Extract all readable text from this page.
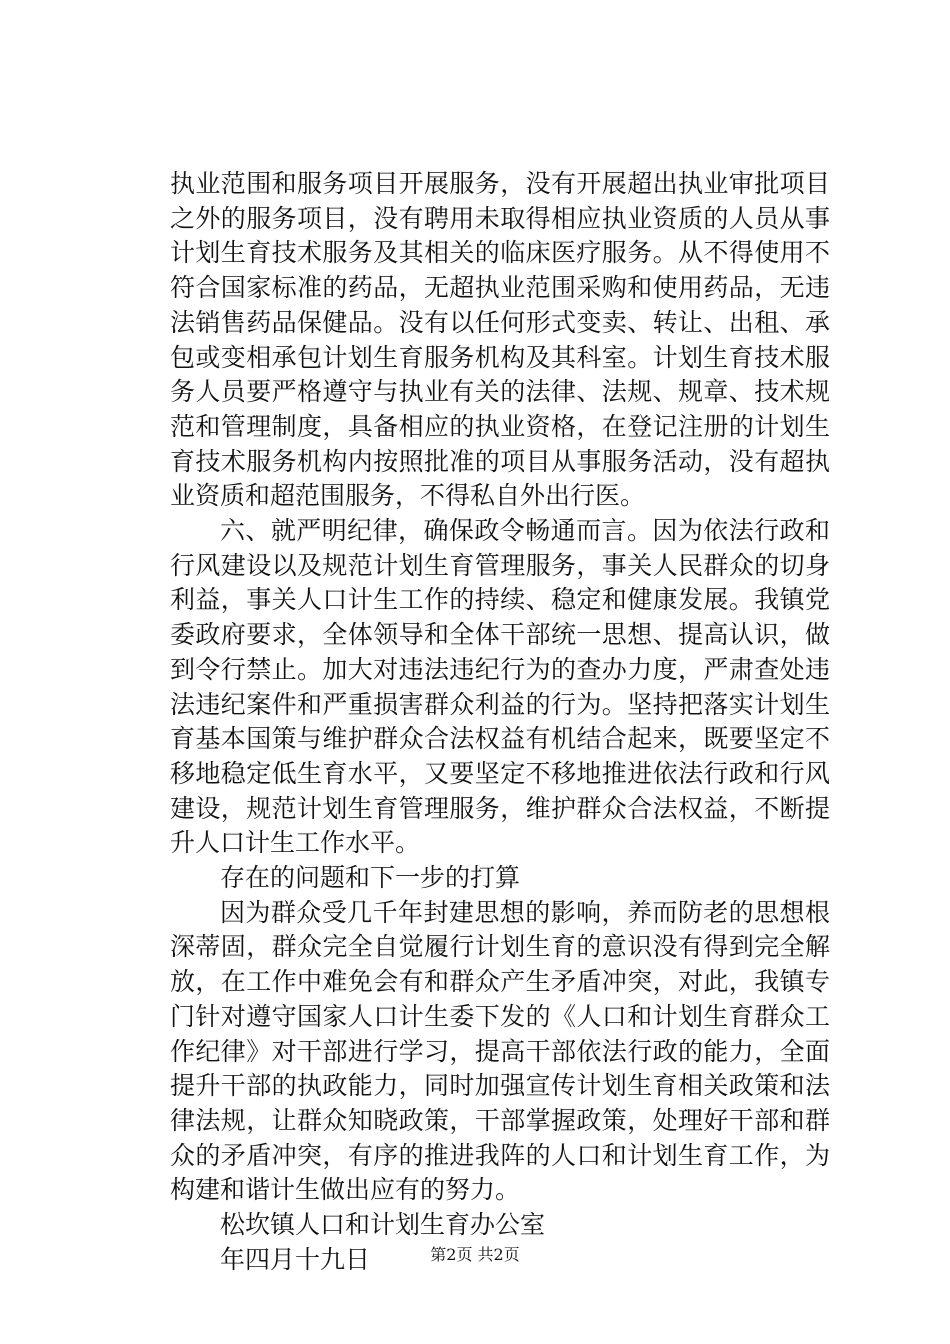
执业范围和服务项目开展服务，没有开展超出执业审批项目之外的服务项目，没有聘用未取得相应执业资质的人员从事计划生育技术服务及其相关的临床医疗服务。从不得使用不符合国家标准的药品，无超执业范围采购和使用药品，无违法销售药品保健品。没有以任何形式变卖、转让、出租、承包或变相承包计划生育服务机构及其科室。计划生育技术服务人员要严格遵守与执业有关的法律、法规、规章、技术规范和管理制度，具备相应的执业资格，在登记注册的计划生育技术服务机构内按照批准的项目从事服务活动，没有超执业资质和超范围服务，不得私自外出行医。

六、就严明纪律，确保政令畅通而言。因为依法行政和行风建设以及规范计划生育管理服务，事关人民群众的切身利益，事关人口计生工作的持续、稳定和健康发展。我镇党委政府要求，全体领导和全体干部统一思想、提高认识，做到令行禁止。加大对违法违纪行为的查办力度，严肃查处违法违纪案件和严重损害群众利益的行为。坚持把落实计划生育基本国策与维护群众合法权益有机结合起来，既要坚定不移地稳定低生育水平，又要坚定不移地推进依法行政和行风建设，规范计划生育管理服务，维护群众合法权益，不断提升人口计生工作水平。

存在的问题和下一步的打算

因为群众受几千年封建思想的影响，养而防老的思想根深蒂固，群众完全自觉履行计划生育的意识没有得到完全解放，在工作中难免会有和群众产生矛盾冲突，对此，我镇专门针对遵守国家人口计生委下发的《人口和计划生育群众工作纪律》对干部进行学习，提高干部依法行政的能力，全面提升干部的执政能力，同时加强宣传计划生育相关政策和法律法规，让群众知晓政策，干部掌握政策，处理好干部和群众的矛盾冲突，有序的推进我阵的人口和计划生育工作，为构建和谐计生做出应有的努力。

松坎镇人口和计划生育办公室

年四月十九日	第2页 共2页
